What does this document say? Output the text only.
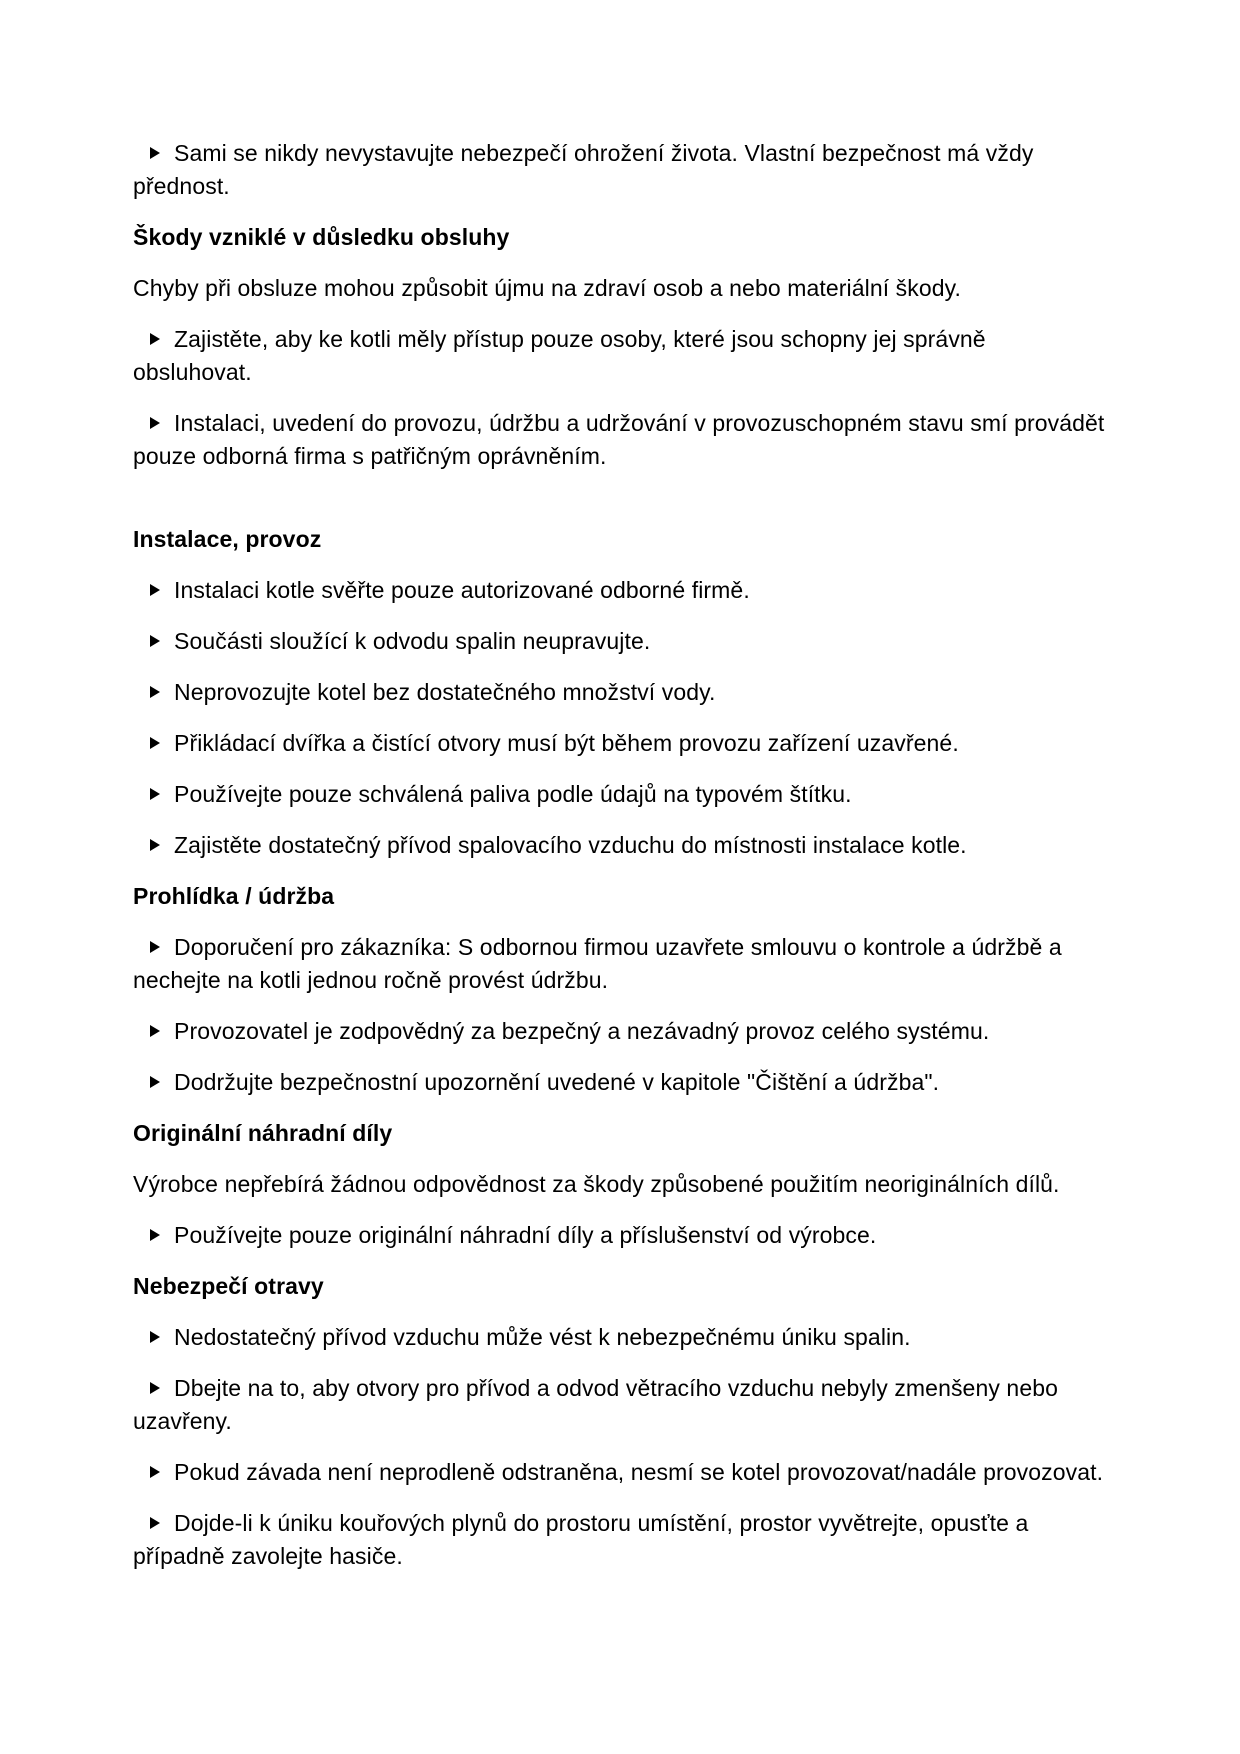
Sami se nikdy nevystavujte nebezpečí ohrožení života. Vlastní bezpečnost má vždy přednost.

Škody vzniklé v důsledku obsluhy

Chyby při obsluze mohou způsobit újmu na zdraví osob a nebo materiální škody.

Zajistěte, aby ke kotli měly přístup pouze osoby, které jsou schopny jej správně obsluhovat.

Instalaci, uvedení do provozu, údržbu a udržování v provozuschopném stavu smí provádět pouze odborná firma s patřičným oprávněním.

Instalace, provoz

Instalaci kotle svěřte pouze autorizované odborné firmě.

Součásti sloužící k odvodu spalin neupravujte.

Neprovozujte kotel bez dostatečného množství vody.

Přikládací dvířka a čistící otvory musí být během provozu zařízení uzavřené.

Používejte pouze schválená paliva podle údajů na typovém štítku.

Zajistěte dostatečný přívod spalovacího vzduchu do místnosti instalace kotle.

Prohlídka / údržba

Doporučení pro zákazníka: S odbornou firmou uzavřete smlouvu o kontrole a údržbě a nechejte na kotli jednou ročně provést údržbu.

Provozovatel je zodpovědný za bezpečný a nezávadný provoz celého systému.

Dodržujte bezpečnostní upozornění uvedené v kapitole "Čištění a údržba".

Originální náhradní díly

Výrobce nepřebírá žádnou odpovědnost za škody způsobené použitím neoriginálních dílů.

Používejte pouze originální náhradní díly a příslušenství od výrobce.

Nebezpečí otravy

Nedostatečný přívod vzduchu může vést k nebezpečnému úniku spalin.

Dbejte na to, aby otvory pro přívod a odvod větracího vzduchu nebyly zmenšeny nebo uzavřeny.

Pokud závada není neprodleně odstraněna, nesmí se kotel provozovat/nadále provozovat.

Dojde-li k úniku kouřových plynů do prostoru umístění, prostor vyvětrejte, opusťte a případně zavolejte hasiče.
